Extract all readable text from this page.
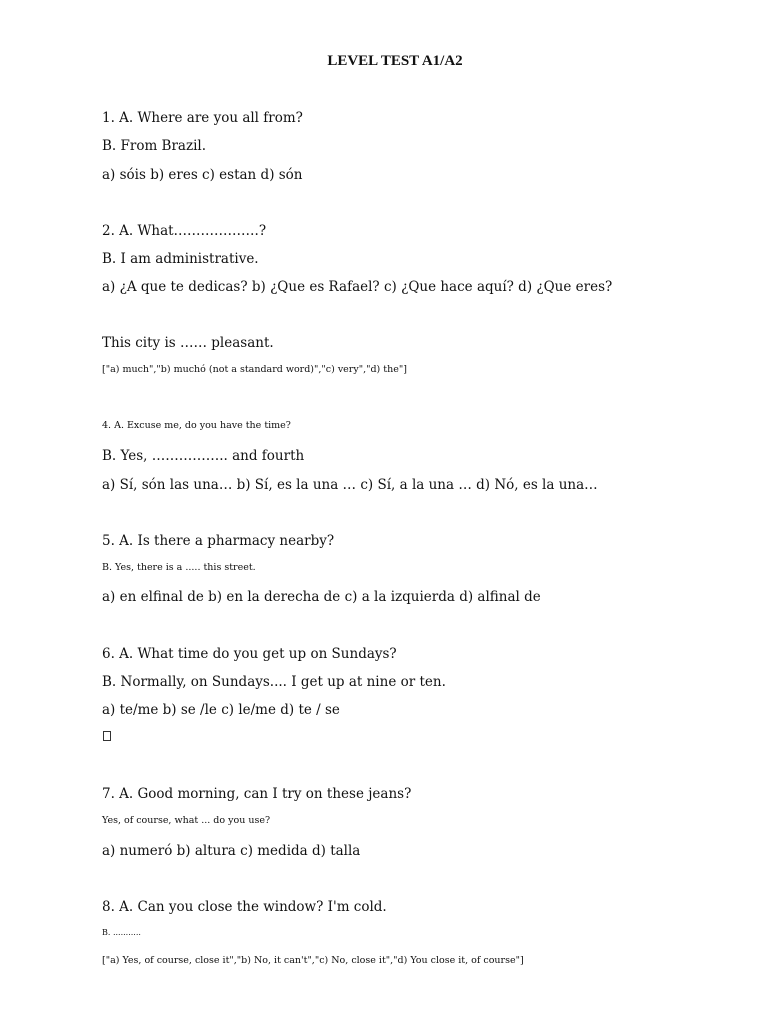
LEVEL TEST A1/A2
1. A. Where are you all from?
B. From Brazil.
a) sóis b) eres c) estan d) són
2. A. What……………….?
B. I am administrative.
a) ¿A que te dedicas? b) ¿Que es Rafael? c) ¿Que hace aquí? d) ¿Que eres?
This city is …… pleasant.
["a) much","b) muchó (not a standard word)","c) very","d) the"]
4. A. Excuse me, do you have the time?
B. Yes, …………….. and fourth
a) Sí, són las una… b) Sí, es la una … c) Sí, a la una … d) Nó, es la una…
5. A. Is there a pharmacy nearby?
B. Yes, there is a ..... this street.
a) en elfinal de b) en la derecha de c) a la izquierda d) alfinal de
6. A. What time do you get up on Sundays?
B. Normally, on Sundays.... I get up at nine or ten.
a) te/me b) se /le c) le/me d) te / se
7. A. Good morning, can I try on these jeans?
Yes, of course, what ... do you use?
a) numeró b) altura c) medida d) talla
8. A. Can you close the window? I'm cold.
B. ...........
["a) Yes, of course, close it","b) No, it can't","c) No, close it","d) You close it, of course"]
